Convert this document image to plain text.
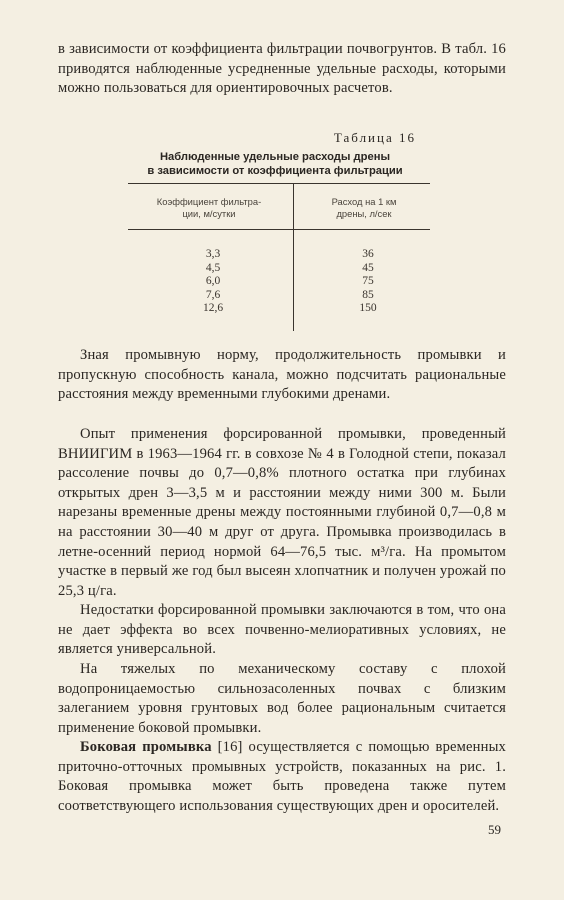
в зависимости от коэффициента фильтрации почвогрунтов. В табл. 16 приводятся наблюденные усредненные удельные расходы, которыми можно пользоваться для ориентировочных расчетов.

Таблица 16
Наблюденные удельные расходы дрены
в зависимости от коэффициента фильтрации
Коэффициент фильтра-
ции, м/сутки
Расход на 1 км
дрены, л/сек
3,3
4,5
6,0
7,6
12,6
36
45
75
85
150

Зная промывную норму, продолжительность промывки и пропускную способность канала, можно подсчитать рациональные расстояния между временными глубокими дренами.

Опыт применения форсированной промывки, проведенный ВНИИГИМ в 1963—1964 гг. в совхозе № 4 в Голодной степи, показал рассоление почвы до 0,7—0,8% плотного остатка при глубинах открытых дрен 3—3,5 м и расстоянии между ними 300 м. Были нарезаны временные дрены между постоянными глубиной 0,7—0,8 м на расстоянии 30—40 м друг от друга. Промывка производилась в летне-осенний период нормой 64—76,5 тыс. м³/га. На промытом участке в первый же год был высеян хлопчатник и получен урожай по 25,3 ц/га.

Недостатки форсированной промывки заключаются в том, что она не дает эффекта во всех почвенно-мелиоративных условиях, не является универсальной.

На тяжелых по механическому составу с плохой водопроницаемостью сильнозасоленных почвах с близким залеганием уровня грунтовых вод более рациональным считается применение боковой промывки.

Боковая промывка [16] осуществляется с помощью временных приточно-отточных промывных устройств, показанных на рис. 1. Боковая промывка может быть проведена также путем соответствующего использования существующих дрен и оросителей.

59
